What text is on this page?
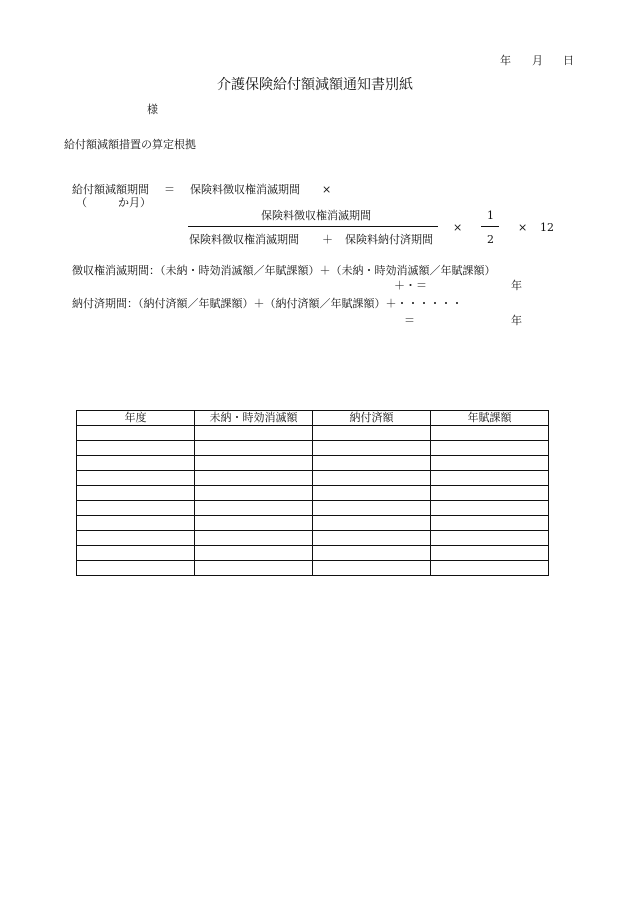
年 月 日
介護保険給付額減額通知書別紙
様
給付額減額措置の算定根拠
給付額減額期間 ＝ 保険料徴収権消滅期間 ×
（	か月）
保険料徴収権消滅期間
保険料徴収権消滅期間 ＋ 保険料納付済期間
×
1
2
× 12
徴収権消滅期間：（未納・時効消滅額／年賦課額）＋（未納・時効消滅額／年賦課額）
＋・＝	年
納付済期間：（納付済額／年賦課額）＋（納付済額／年賦課額）＋・・・・・・
＝	年
年度	未納・時効消滅額	納付済額	年賦課額
